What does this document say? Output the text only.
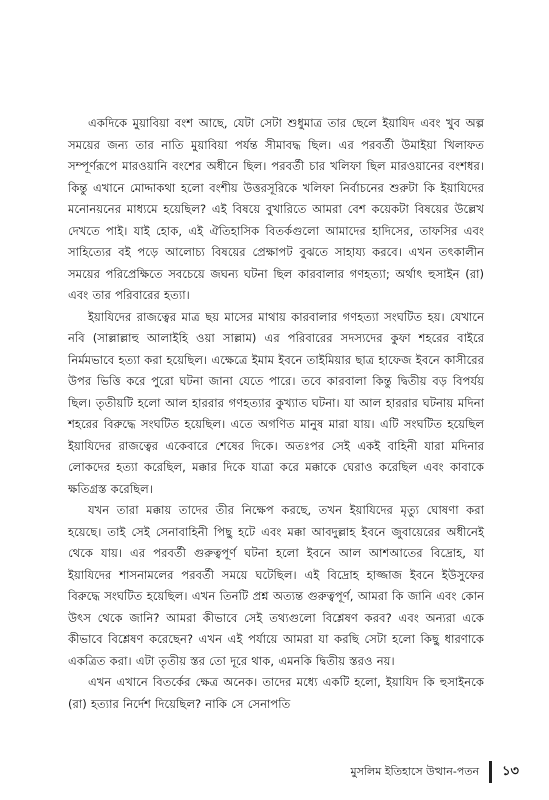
একদিকে মুয়াবিয়া বংশ আছে, যেটা সেটা শুধুমাত্র তার ছেলে ইয়াযিদ এবং খুব অল্প সময়ের জন্য তার নাতি মুয়াবিয়া পর্যন্ত সীমাবদ্ধ ছিল। এর পরবর্তী উমাইয়া খিলাফত সম্পূর্ণরূপে মারওয়ানি বংশের অধীনে ছিল। পরবর্তী চার খলিফা ছিল মারওয়ানের বংশধর। কিন্তু এখানে মোদ্দাকথা হলো বংশীয় উত্তরসূরিকে খলিফা নির্বাচনের শুরুটা কি ইয়াযিদের মনোনয়নের মাধ্যমে হয়েছিল? এই বিষয়ে বুখারিতে আমরা বেশ কয়েকটা বিষয়ের উল্লেখ দেখতে পাই। যাই হোক, এই ঐতিহাসিক বিতর্কগুলো আমাদের হাদিসের, তাফসির এবং সাহিত্যের বই পড়ে আলোচ্য বিষয়ের প্রেক্ষাপট বুঝতে সাহায্য করবে। এখন তৎকালীন সময়ের পরিপ্রেক্ষিতে সবচেয়ে জঘন্য ঘটনা ছিল কারবালার গণহত্যা; অর্থাৎ হুসাইন (রা) এবং তার পরিবারের হত্যা।

ইয়াযিদের রাজত্বের মাত্র ছয় মাসের মাথায় কারবালার গণহত্যা সংঘটিত হয়। যেখানে নবি (সাল্লাল্লাহু আলাইহি ওয়া সাল্লাম) এর পরিবারের সদস্যদের কুফা শহরের বাইরে নির্মমভাবে হত্যা করা হয়েছিল। এক্ষেত্রে ইমাম ইবনে তাইমিয়ার ছাত্র হাফেজ ইবনে কাসীরের উপর ভিত্তি করে পুরো ঘটনা জানা যেতে পারে। তবে কারবালা কিন্তু দ্বিতীয় বড় বিপর্যয় ছিল। তৃতীয়টি হলো আল হাররার গণহত্যার কুখ্যাত ঘটনা। যা আল হাররার ঘটনায় মদিনা শহরের বিরুদ্ধে সংঘটিত হয়েছিল। এতে অগণিত মানুষ মারা যায়। এটি সংঘটিত হয়েছিল ইয়াযিদের রাজত্বের একেবারে শেষের দিকে। অতঃপর সেই একই বাহিনী যারা মদিনার লোকদের হত্যা করেছিল, মক্কার দিকে যাত্রা করে মক্কাকে ঘেরাও করেছিল এবং কাবাকে ক্ষতিগ্রস্ত করেছিল।

যখন তারা মক্কায় তাদের তীর নিক্ষেপ করছে, তখন ইয়াযিদের মৃত্যু ঘোষণা করা হয়েছে। তাই সেই সেনাবাহিনী পিছু হটে এবং মক্কা আবদুল্লাহ ইবনে জুবায়েরের অধীনেই থেকে যায়। এর পরবর্তী গুরুত্বপূর্ণ ঘটনা হলো ইবনে আল আশআতের বিদ্রোহ, যা ইয়াযিদের শাসনামলের পরবর্তী সময়ে ঘটেছিল। এই বিদ্রোহ হাজ্জাজ ইবনে ইউসুফের বিরুদ্ধে সংঘটিত হয়েছিল। এখন তিনটি প্রশ্ন অত্যন্ত গুরুত্বপূর্ণ, আমরা কি জানি এবং কোন উৎস থেকে জানি? আমরা কীভাবে সেই তথ্যগুলো বিশ্লেষণ করব? এবং অন্যরা একে কীভাবে বিশ্লেষণ করেছেন? এখন এই পর্যায়ে আমরা যা করছি সেটা হলো কিছু ধারণাকে একত্রিত করা। এটা তৃতীয় স্তর তো দূরে থাক, এমনকি দ্বিতীয় স্তরও নয়।

এখন এখানে বিতর্কের ক্ষেত্র অনেক। তাদের মধ্যে একটি হলো, ইয়াযিদ কি হুসাইনকে (রা) হত্যার নির্দেশ দিয়েছিল? নাকি সে সেনাপতি

মুসলিম ইতিহাসে উত্থান-পতন ১৩
